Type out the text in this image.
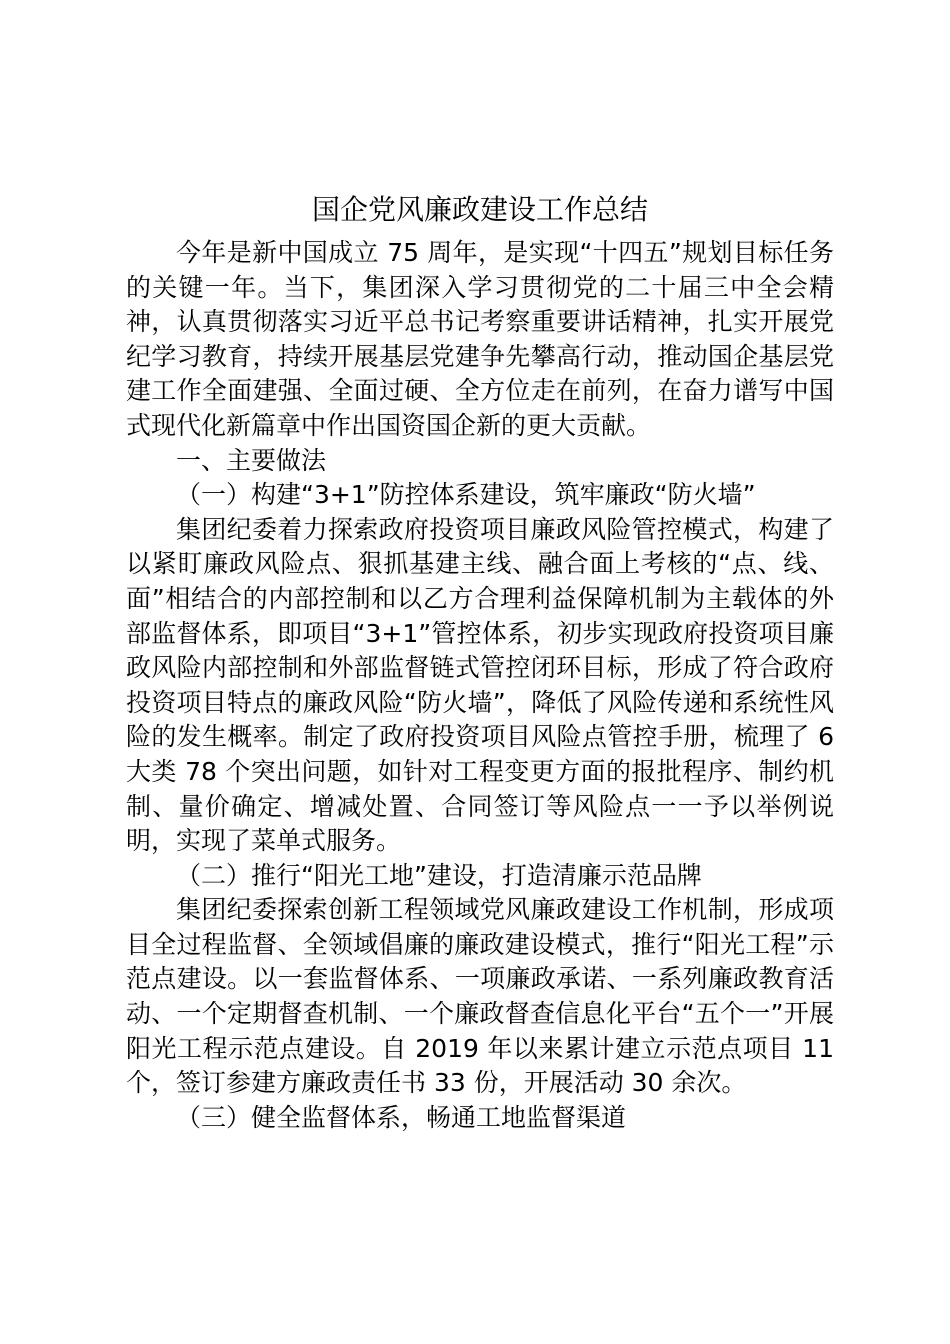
国企党风廉政建设工作总结

今年是新中国成立 75 周年，是实现“十四五”规划目标任务的关键一年。当下，集团深入学习贯彻党的二十届三中全会精神，认真贯彻落实习近平总书记考察重要讲话精神，扎实开展党纪学习教育，持续开展基层党建争先攀高行动，推动国企基层党建工作全面建强、全面过硬、全方位走在前列，在奋力谱写中国式现代化新篇章中作出国资国企新的更大贡献。

一、主要做法

（一）构建“3+1”防控体系建设，筑牢廉政“防火墙”

集团纪委着力探索政府投资项目廉政风险管控模式，构建了以紧盯廉政风险点、狠抓基建主线、融合面上考核的“点、线、面”相结合的内部控制和以乙方合理利益保障机制为主载体的外部监督体系，即项目“3+1”管控体系，初步实现政府投资项目廉政风险内部控制和外部监督链式管控闭环目标，形成了符合政府投资项目特点的廉政风险“防火墙”，降低了风险传递和系统性风险的发生概率。制定了政府投资项目风险点管控手册，梳理了 6 大类 78 个突出问题，如针对工程变更方面的报批程序、制约机制、量价确定、增减处置、合同签订等风险点一一予以举例说明，实现了菜单式服务。

（二）推行“阳光工地”建设，打造清廉示范品牌

集团纪委探索创新工程领域党风廉政建设工作机制，形成项目全过程监督、全领域倡廉的廉政建设模式，推行“阳光工程”示范点建设。以一套监督体系、一项廉政承诺、一系列廉政教育活动、一个定期督查机制、一个廉政督查信息化平台“五个一”开展阳光工程示范点建设。自 2019 年以来累计建立示范点项目 11 个，签订参建方廉政责任书 33 份，开展活动 30 余次。

（三）健全监督体系，畅通工地监督渠道
